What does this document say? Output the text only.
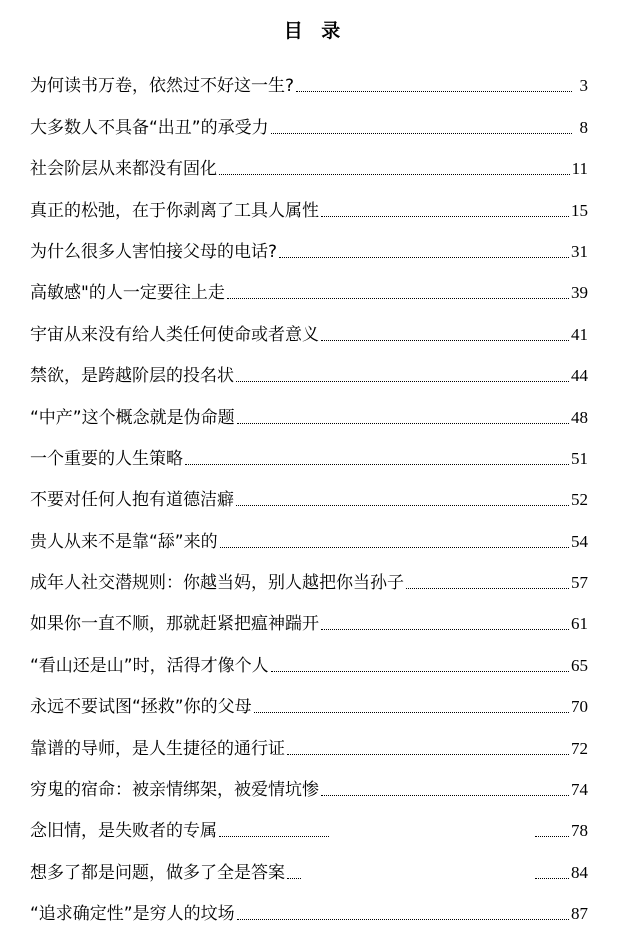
目 录
为何读书万卷，依然过不好这一生?	3
大多数人不具备“出丑”的承受力	8
社会阶层从来都没有固化	11
真正的松弛，在于你剥离了工具人属性	15
为什么很多人害怕接父母的电话?	31
高敏感"的人一定要往上走	39
宇宙从来没有给人类任何使命或者意义	41
禁欲，是跨越阶层的投名状	44
“中产”这个概念就是伪命题	48
一个重要的人生策略	51
不要对任何人抱有道德洁癖	52
贵人从来不是靠“舔”来的	54
成年人社交潜规则：你越当妈，别人越把你当孙子	57
如果你一直不顺，那就赶紧把瘟神踹开	61
“看山还是山”时，活得才像个人	65
永远不要试图“拯救”你的父母	70
靠谱的导师，是人生捷径的通行证	72
穷鬼的宿命：被亲情绑架，被爱情坑惨	74
念旧情，是失败者的专属	78
想多了都是问题，做多了全是答案	84
“追求确定性”是穷人的坟场	87
